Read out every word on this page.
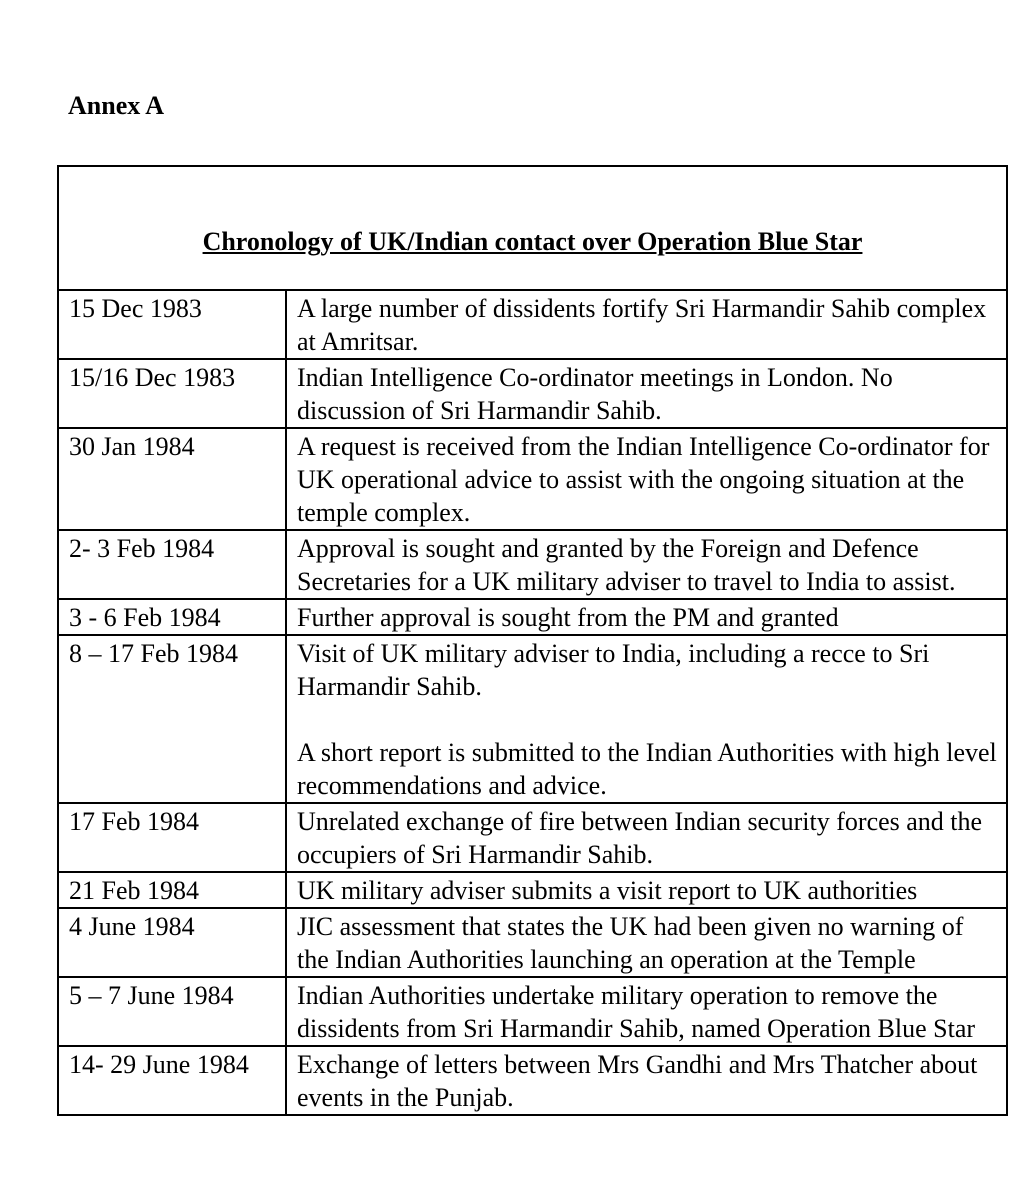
Annex A
Chronology of UK/Indian contact over Operation Blue Star	
15 Dec 1983	A large number of dissidents fortify Sri Harmandir Sahib complex at Amritsar.
15/16 Dec 1983	Indian Intelligence Co-ordinator meetings in London. No discussion of Sri Harmandir Sahib.
30 Jan 1984	A request is received from the Indian Intelligence Co-ordinator for UK operational advice to assist with the ongoing situation at the temple complex.
2- 3 Feb 1984	Approval is sought and granted by the Foreign and Defence Secretaries for a UK military adviser to travel to India to assist.
3 - 6 Feb 1984	Further approval is sought from the PM and granted
8 – 17 Feb 1984	Visit of UK military adviser to India, including a recce to Sri Harmandir Sahib.
A short report is submitted to the Indian Authorities with high level recommendations and advice.

17 Feb 1984	Unrelated exchange of fire between Indian security forces and the occupiers of Sri Harmandir Sahib.
21 Feb 1984	UK military adviser submits a visit report to UK authorities
4 June 1984	JIC assessment that states the UK had been given no warning of the Indian Authorities launching an operation at the Temple
5 – 7 June 1984	Indian Authorities undertake military operation to remove the dissidents from Sri Harmandir Sahib, named Operation Blue Star
14- 29 June 1984	Exchange of letters between Mrs Gandhi and Mrs Thatcher about events in the Punjab.
